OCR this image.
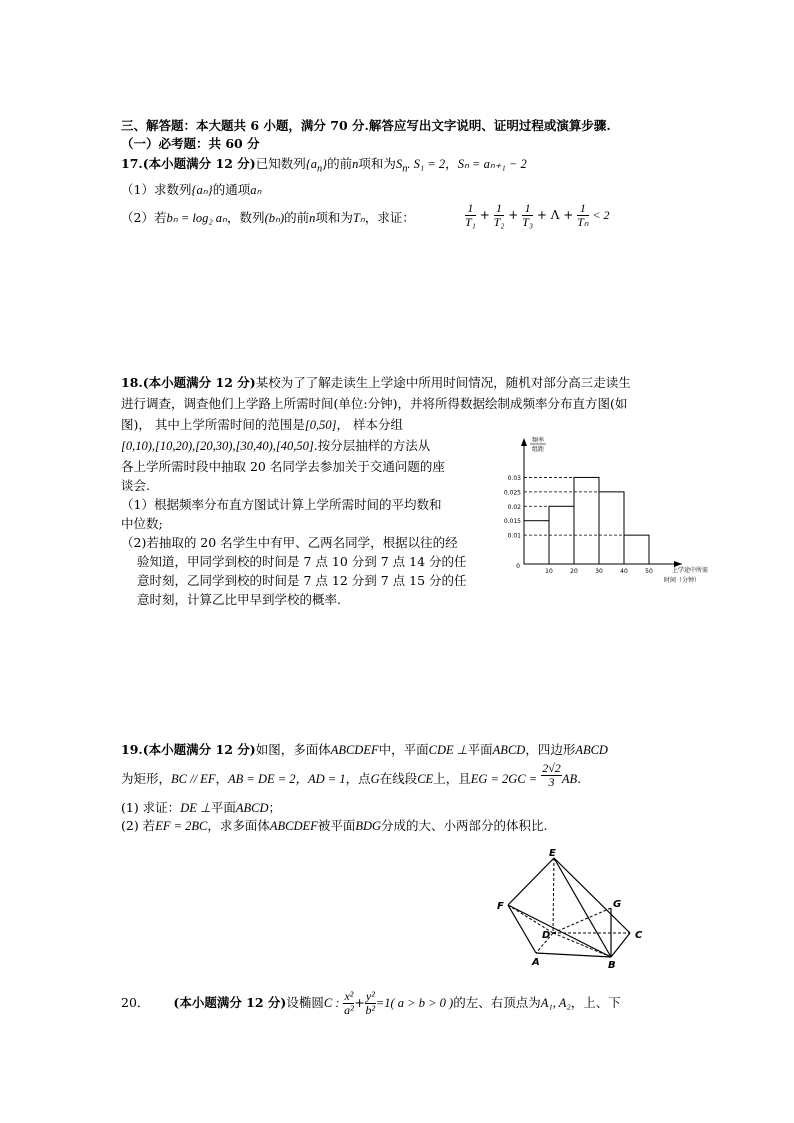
三、解答题：本大题共 6 小题，满分 70 分.解答应写出文字说明、证明过程或演算步骤.
（一）必考题：共 60 分
17.(本小题满分 12 分)已知数列$\{a_n\}$的前n项和为$S_n$. S₁ = 2，Sₙ = aₙ₊₁ − 2
（1）求数列{aₙ}的通项aₙ
（2）若bₙ = log₂ aₙ，数列(bₙ)的前n项和为Tₙ，求证：	$\frac{1}{\text{T₁}} + \frac{1}{\text{T₂}} + \frac{1}{\text{T₃}} + \Lambda + \frac{1}{\text{Tₙ}} < 2$
18.(本小题满分 12 分)某校为了了解走读生上学途中所用时间情况，随机对部分高三走读生
进行调查，调查他们上学路上所需时间(单位:分钟)，并将所得数据绘制成频率分布直方图(如
图)， 其中上学所需时间的范围是[0,50]， 样本分组
[0,10),[10,20),[20,30),[30,40),[40,50].按分层抽样的方法从
各上学所需时段中抽取 20 名同学去参加关于交通问题的座
谈会.
（1）根据频率分布直方图试计算上学所需时间的平均数和
中位数;
（2)若抽取的 20 名学生中有甲、乙两名同学，根据以往的经
验知道，甲同学到校的时间是 7 点 10 分到 7 点 14 分的任
意时刻，乙同学到校的时间是 7 点 12 分到 7 点 15 分的任
意时刻，计算乙比甲早到学校的概率.
0.03
0.025
0.02
0.015
0.01
10	20	30	40	50
0
频率
组距
上学途中所需
时间（分钟）
19.(本小题满分 12 分)如图，多面体ABCDEF中，平面CDE ⊥平面ABCD，四边形ABCD
为矩形，BC // EF，AB = DE = 2，AD = 1，点G在线段CE上，且EG = $2GC = \frac{2√2}{3}$ AB.
(1) 求证：DE ⊥平面ABCD；
(2) 若EF = 2BC，求多面体ABCDEF被平面BDG分成的大、小两部分的体积比.
E
F	G
D	C
A	B
20． (本小题满分 12 分)设椭圆C : $\frac{\text{x²}}{\text{a²}} + \frac{\text{y²}}{\text{b²}} =1$( a > b > 0 )的左、右顶点为A₁, A₂，上、下
